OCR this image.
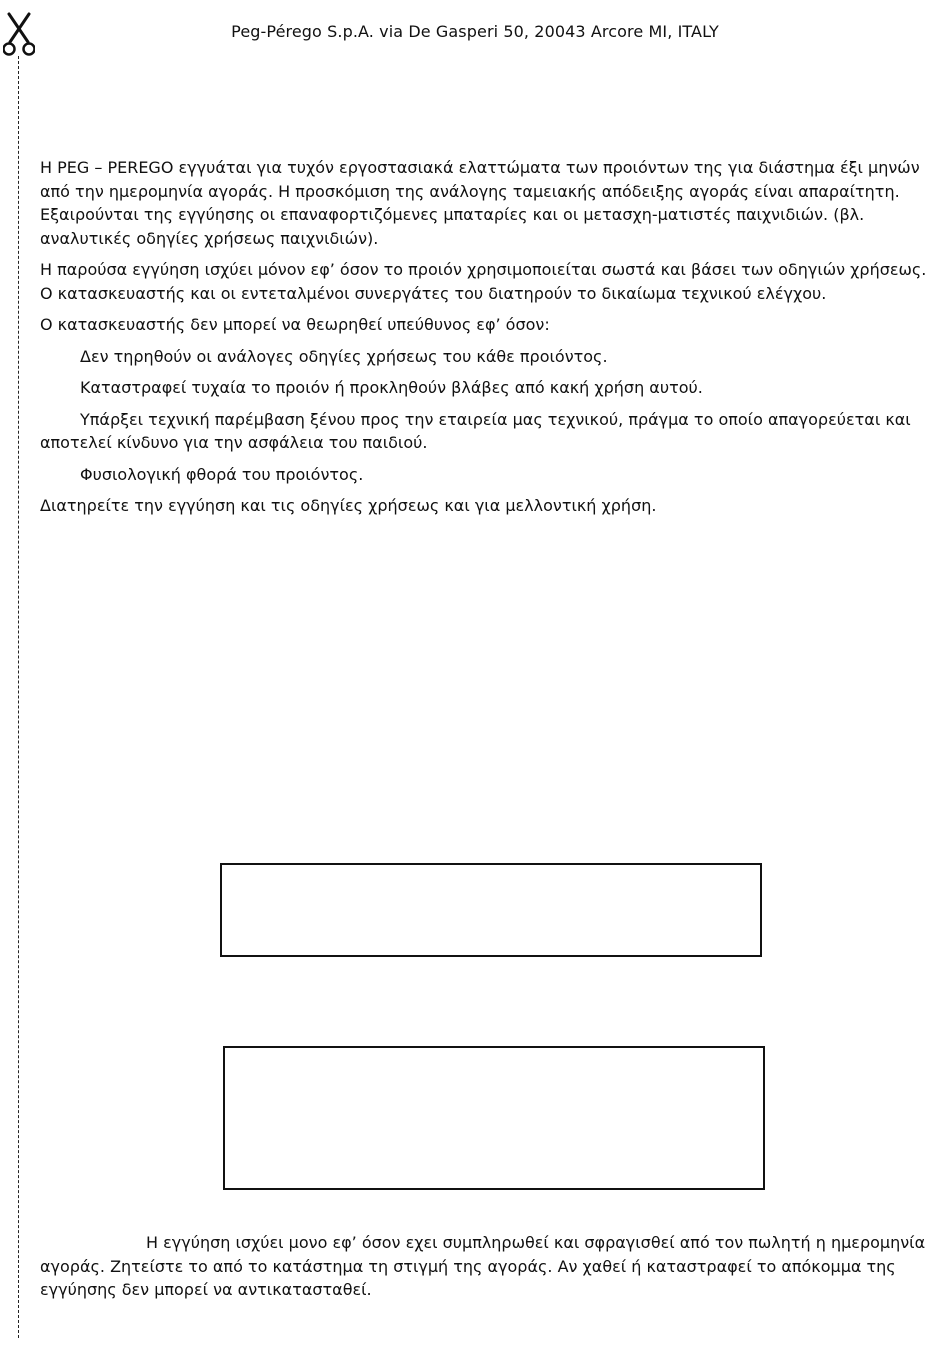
Peg-Pérego S.p.A. via De Gasperi 50, 20043 Arcore MI, ITALY

Η PEG – PEREGO εγγυάται για τυχόν εργοστασιακά ελαττώματα των προιόντων της για διάστημα έξι μηνών από την ημερομηνία αγοράς. Η προσκόμιση της ανάλογης ταμειακής απόδειξης αγοράς είναι απαραίτητη. Εξαιρούνται της εγγύησης οι επαναφορτιζόμενες μπαταρίες και οι μετασχη-ματιστές παιχνιδιών. (βλ. αναλυτικές οδηγίες χρήσεως παιχνιδιών).

Η παρούσα εγγύηση ισχύει μόνον εφ’ όσον το προιόν χρησιμοποιείται σωστά και βάσει των οδηγιών χρήσεως. Ο κατασκευαστής και οι εντεταλμένοι συνεργάτες του διατηρούν το δικαίωμα τεχνικού ελέγχου.

Ο κατασκευαστής δεν μπορεί να θεωρηθεί υπεύθυνος εφ’ όσον:

Δεν τηρηθούν οι ανάλογες οδηγίες χρήσεως του κάθε προιόντος.

Καταστραφεί τυχαία το προιόν ή προκληθούν βλάβες από κακή χρήση αυτού.

Υπάρξει τεχνική παρέμβαση ξένου προς την εταιρεία μας τεχνικού, πράγμα το οποίο απαγορεύεται και αποτελεί κίνδυνο για την ασφάλεια του παιδιού.

Φυσιολογική φθορά του προιόντος.

Διατηρείτε την εγγύηση και τις οδηγίες χρήσεως και για μελλοντική χρήση.

Η εγγύηση ισχύει μονο εφ’ όσον εχει συμπληρωθεί και σφραγισθεί από τον πωλητή η ημερομηνία αγοράς. Ζητείστε το από το κατάστημα τη στιγμή της αγοράς. Αν χαθεί ή καταστραφεί το απόκομμα της εγγύησης δεν μπορεί να αντικατασταθεί.
